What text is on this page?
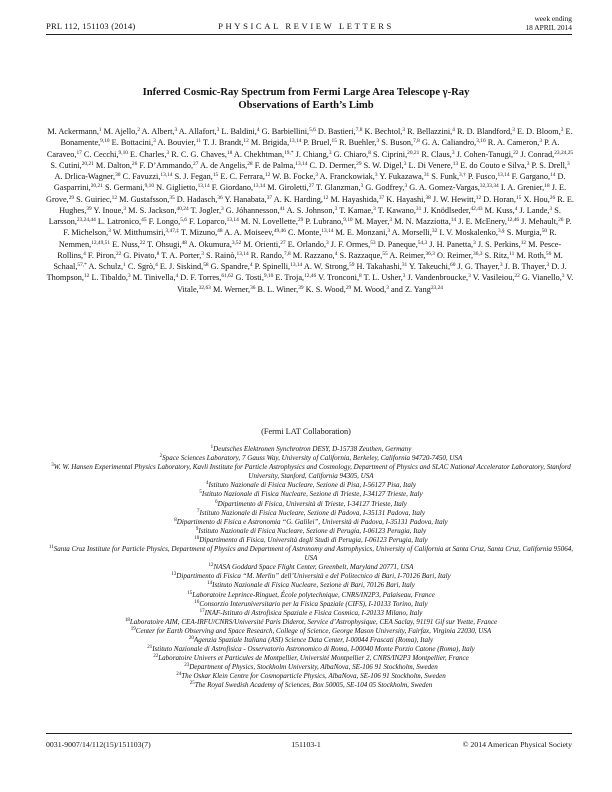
PRL 112, 151103 (2014)	PHYSICAL REVIEW LETTERS
week ending
18 APRIL 2014
Inferred Cosmic-Ray Spectrum from Fermi Large Area Telescope γ-Ray
Observations of Earth’s Limb
M. Ackermann,$^1$ M. Ajello,$^2$ A. Albert,$^3$ A. Allafort,$^3$ L. Baldini,$^4$ G. Barbiellini,$^{5,6}$ D. Bastieri,$^{7,8}$ K. Bechtol,$^3$ R. Bellazzini,$^4$ R. D. Blandford,$^3$ E. D. Bloom,$^3$ E. Bonamente,$^{9,10}$ E. Bottacini,$^3$ A. Bouvier,$^{11}$ T. J. Brandt,$^{12}$ M. Brigida,$^{13,14}$ P. Bruel,$^{15}$ R. Buehler,$^3$ S. Buson,$^{7,8}$ G. A. Caliandro,$^{3,16}$ R. A. Cameron,$^3$ P. A. Caraveo,$^{17}$ C. Cecchi,$^{9,10}$ E. Charles,$^3$ R. C. G. Chaves,$^{18}$ A. Chekhtman,$^{19,*}$ J. Chiang,$^3$ G. Chiaro,$^8$ S. Ciprini,$^{20,21}$ R. Claus,$^3$ J. Cohen-Tanugi,$^{22}$ J. Conrad,$^{23,24,25}$ S. Cutini,$^{20,21}$ M. Dalton,$^{26}$ F. D’Ammando,$^{27}$ A. de Angelis,$^{28}$ F. de Palma,$^{13,14}$ C. D. Dermer,$^{29}$ S. W. Digel,$^3$ L. Di Venere,$^{13}$ E. do Couto e Silva,$^3$ P. S. Drell,$^3$ A. Drlica-Wagner,$^{30}$ C. Favuzzi,$^{13,14}$ S. J. Fegan,$^{15}$ E. C. Ferrara,$^{12}$ W. B. Focke,$^3$ A. Franckowiak,$^3$ Y. Fukazawa,$^{31}$ S. Funk,$^{3,\dagger}$ P. Fusco,$^{13,14}$ F. Gargano,$^{14}$ D. Gasparrini,$^{20,21}$ S. Germani,$^{9,10}$ N. Giglietto,$^{13,14}$ F. Giordano,$^{13,14}$ M. Giroletti,$^{27}$ T. Glanzman,$^3$ G. Godfrey,$^3$ G. A. Gomez-Vargas,$^{32,33,34}$ I. A. Grenier,$^{18}$ J. E. Grove,$^{29}$ S. Guiriec,$^{12}$ M. Gustafsson,$^{35}$ D. Hadasch,$^{36}$ Y. Hanabata,$^{37}$ A. K. Harding,$^{12}$ M. Hayashida,$^{37}$ K. Hayashi,$^{38}$ J. W. Hewitt,$^{12}$ D. Horan,$^{15}$ X. Hou,$^{26}$ R. E. Hughes,$^{39}$ Y. Inoue,$^3$ M. S. Jackson,$^{40,24}$ T. Jogler,$^3$ G. Jóhannesson,$^{41}$ A. S. Johnson,$^3$ T. Kamae,$^3$ T. Kawano,$^{31}$ J. Knödlseder,$^{42,43}$ M. Kuss,$^4$ J. Lande,$^3$ S. Larsson,$^{23,24,44}$ L. Latronico,$^{45}$ F. Longo,$^{5,6}$ F. Loparco,$^{13,14}$ M. N. Lovellette,$^{29}$ P. Lubrano,$^{9,10}$ M. Mayer,$^3$ M. N. Mazziotta,$^{14}$ J. E. McEnery,$^{12,46}$ J. Mehault,$^{26}$ P. F. Michelson,$^3$ W. Mitthumsiri,$^{3,47,\ddagger}$ T. Mizuno,$^{48}$ A. A. Moiseev,$^{49,46}$ C. Monte,$^{13,14}$ M. E. Monzani,$^3$ A. Morselli,$^{32}$ I. V. Moskalenko,$^{3,\S}$ S. Murgia,$^{50}$ R. Nemmen,$^{12,49,51}$ E. Nuss,$^{22}$ T. Ohsugi,$^{48}$ A. Okumura,$^{3,52}$ M. Orienti,$^{27}$ E. Orlando,$^3$ J. F. Ormes,$^{53}$ D. Paneque,$^{54,3}$ J. H. Panetta,$^3$ J. S. Perkins,$^{12}$ M. Pesce-Rollins,$^4$ F. Piron,$^{22}$ G. Pivato,$^8$ T. A. Porter,$^3$ S. Rainò,$^{13,14}$ R. Rando,$^{7,8}$ M. Razzano,$^4$ S. Razzaque,$^{55}$ A. Reimer,$^{36,3}$ O. Reimer,$^{36,3}$ S. Ritz,$^{11}$ M. Roth,$^{56}$ M. Schaal,$^{57,*}$ A. Schulz,$^1$ C. Sgrò,$^4$ E. J. Siskind,$^{58}$ G. Spandre,$^4$ P. Spinelli,$^{13,14}$ A. W. Strong,$^{59}$ H. Takahashi,$^{31}$ Y. Takeuchi,$^{60}$ J. G. Thayer,$^3$ J. B. Thayer,$^3$ D. J. Thompson,$^{12}$ L. Tibaldo,$^3$ M. Tinivella,$^4$ D. F. Torres,$^{61,62}$ G. Tosti,$^{9,10}$ E. Troja,$^{12,46}$ V. Tronconi,$^8$ T. L. Usher,$^3$ J. Vandenbroucke,$^3$ V. Vasileiou,$^{22}$ G. Vianello,$^3$ V. Vitale,$^{32,63}$ M. Werner,$^{36}$ B. L. Winer,$^{39}$ K. S. Wood,$^{29}$ M. Wood,$^3$ and Z. Yang$^{23,24}$
(Fermi LAT Collaboration)
$^1$Deutsches Elektronen Synchrotron DESY, D-15738 Zeuthen, Germany
$^2$Space Sciences Laboratory, 7 Gauss Way, University of California, Berkeley, California 94720-7450, USA
$^3$W. W. Hansen Experimental Physics Laboratory, Kavli Institute for Particle Astrophysics and Cosmology, Department of Physics and SLAC National Accelerator Laboratory, Stanford University, Stanford, California 94305, USA
$^4$Istituto Nazionale di Fisica Nucleare, Sezione di Pisa, I-56127 Pisa, Italy
$^5$Istituto Nazionale di Fisica Nucleare, Sezione di Trieste, I-34127 Trieste, Italy
$^6$Dipartimento di Fisica, Università di Trieste, I-34127 Trieste, Italy
$^7$Istituto Nazionale di Fisica Nucleare, Sezione di Padova, I-35131 Padova, Italy
$^8$Dipartimento di Fisica e Astronomia “G. Galilei”, Università di Padova, I-35131 Padova, Italy
$^9$Istituto Nazionale di Fisica Nucleare, Sezione di Perugia, I-06123 Perugia, Italy
$^{10}$Dipartimento di Fisica, Università degli Studi di Perugia, I-06123 Perugia, Italy
$^{11}$Santa Cruz Institute for Particle Physics, Department of Physics and Department of Astronomy and Astrophysics, University of California at Santa Cruz, Santa Cruz, California 95064, USA
$^{12}$NASA Goddard Space Flight Center, Greenbelt, Maryland 20771, USA
$^{13}$Dipartimento di Fisica “M. Merlin” dell’Università e del Politecnico di Bari, I-70126 Bari, Italy
$^{14}$Istituto Nazionale di Fisica Nucleare, Sezione di Bari, 70126 Bari, Italy
$^{15}$Laboratoire Leprince-Ringuet, École polytechnique, CNRS/IN2P3, Palaiseau, France
$^{16}$Consorzio Interuniversitario per la Fisica Spaziale (CIFS), I-10133 Torino, Italy
$^{17}$INAF-Istituto di Astrofisica Spaziale e Fisica Cosmica, I-20133 Milano, Italy
$^{18}$Laboratoire AIM, CEA-IRFU/CNRS/Université Paris Diderot, Service d’Astrophysique, CEA Saclay, 91191 Gif sur Yvette, France
$^{19}$Center for Earth Observing and Space Research, College of Science, George Mason University, Fairfax, Virginia 22030, USA
$^{20}$Agenzia Spaziale Italiana (ASI) Science Data Center, I-00044 Frascati (Roma), Italy
$^{21}$Istituto Nazionale di Astrofisica - Osservatorio Astronomico di Roma, I-00040 Monte Porzio Catone (Roma), Italy
$^{22}$Laboratoire Univers et Particules de Montpellier, Université Montpellier 2, CNRS/IN2P3 Montpellier, France
$^{23}$Department of Physics, Stockholm University, AlbaNova, SE-106 91 Stockholm, Sweden
$^{24}$The Oskar Klein Centre for Cosmoparticle Physics, AlbaNova, SE-106 91 Stockholm, Sweden
$^{25}$The Royal Swedish Academy of Sciences, Box 50005, SE-104 05 Stockholm, Sweden
0031-9007/14/112(15)/151103(7)	151103-1	© 2014 American Physical Society
